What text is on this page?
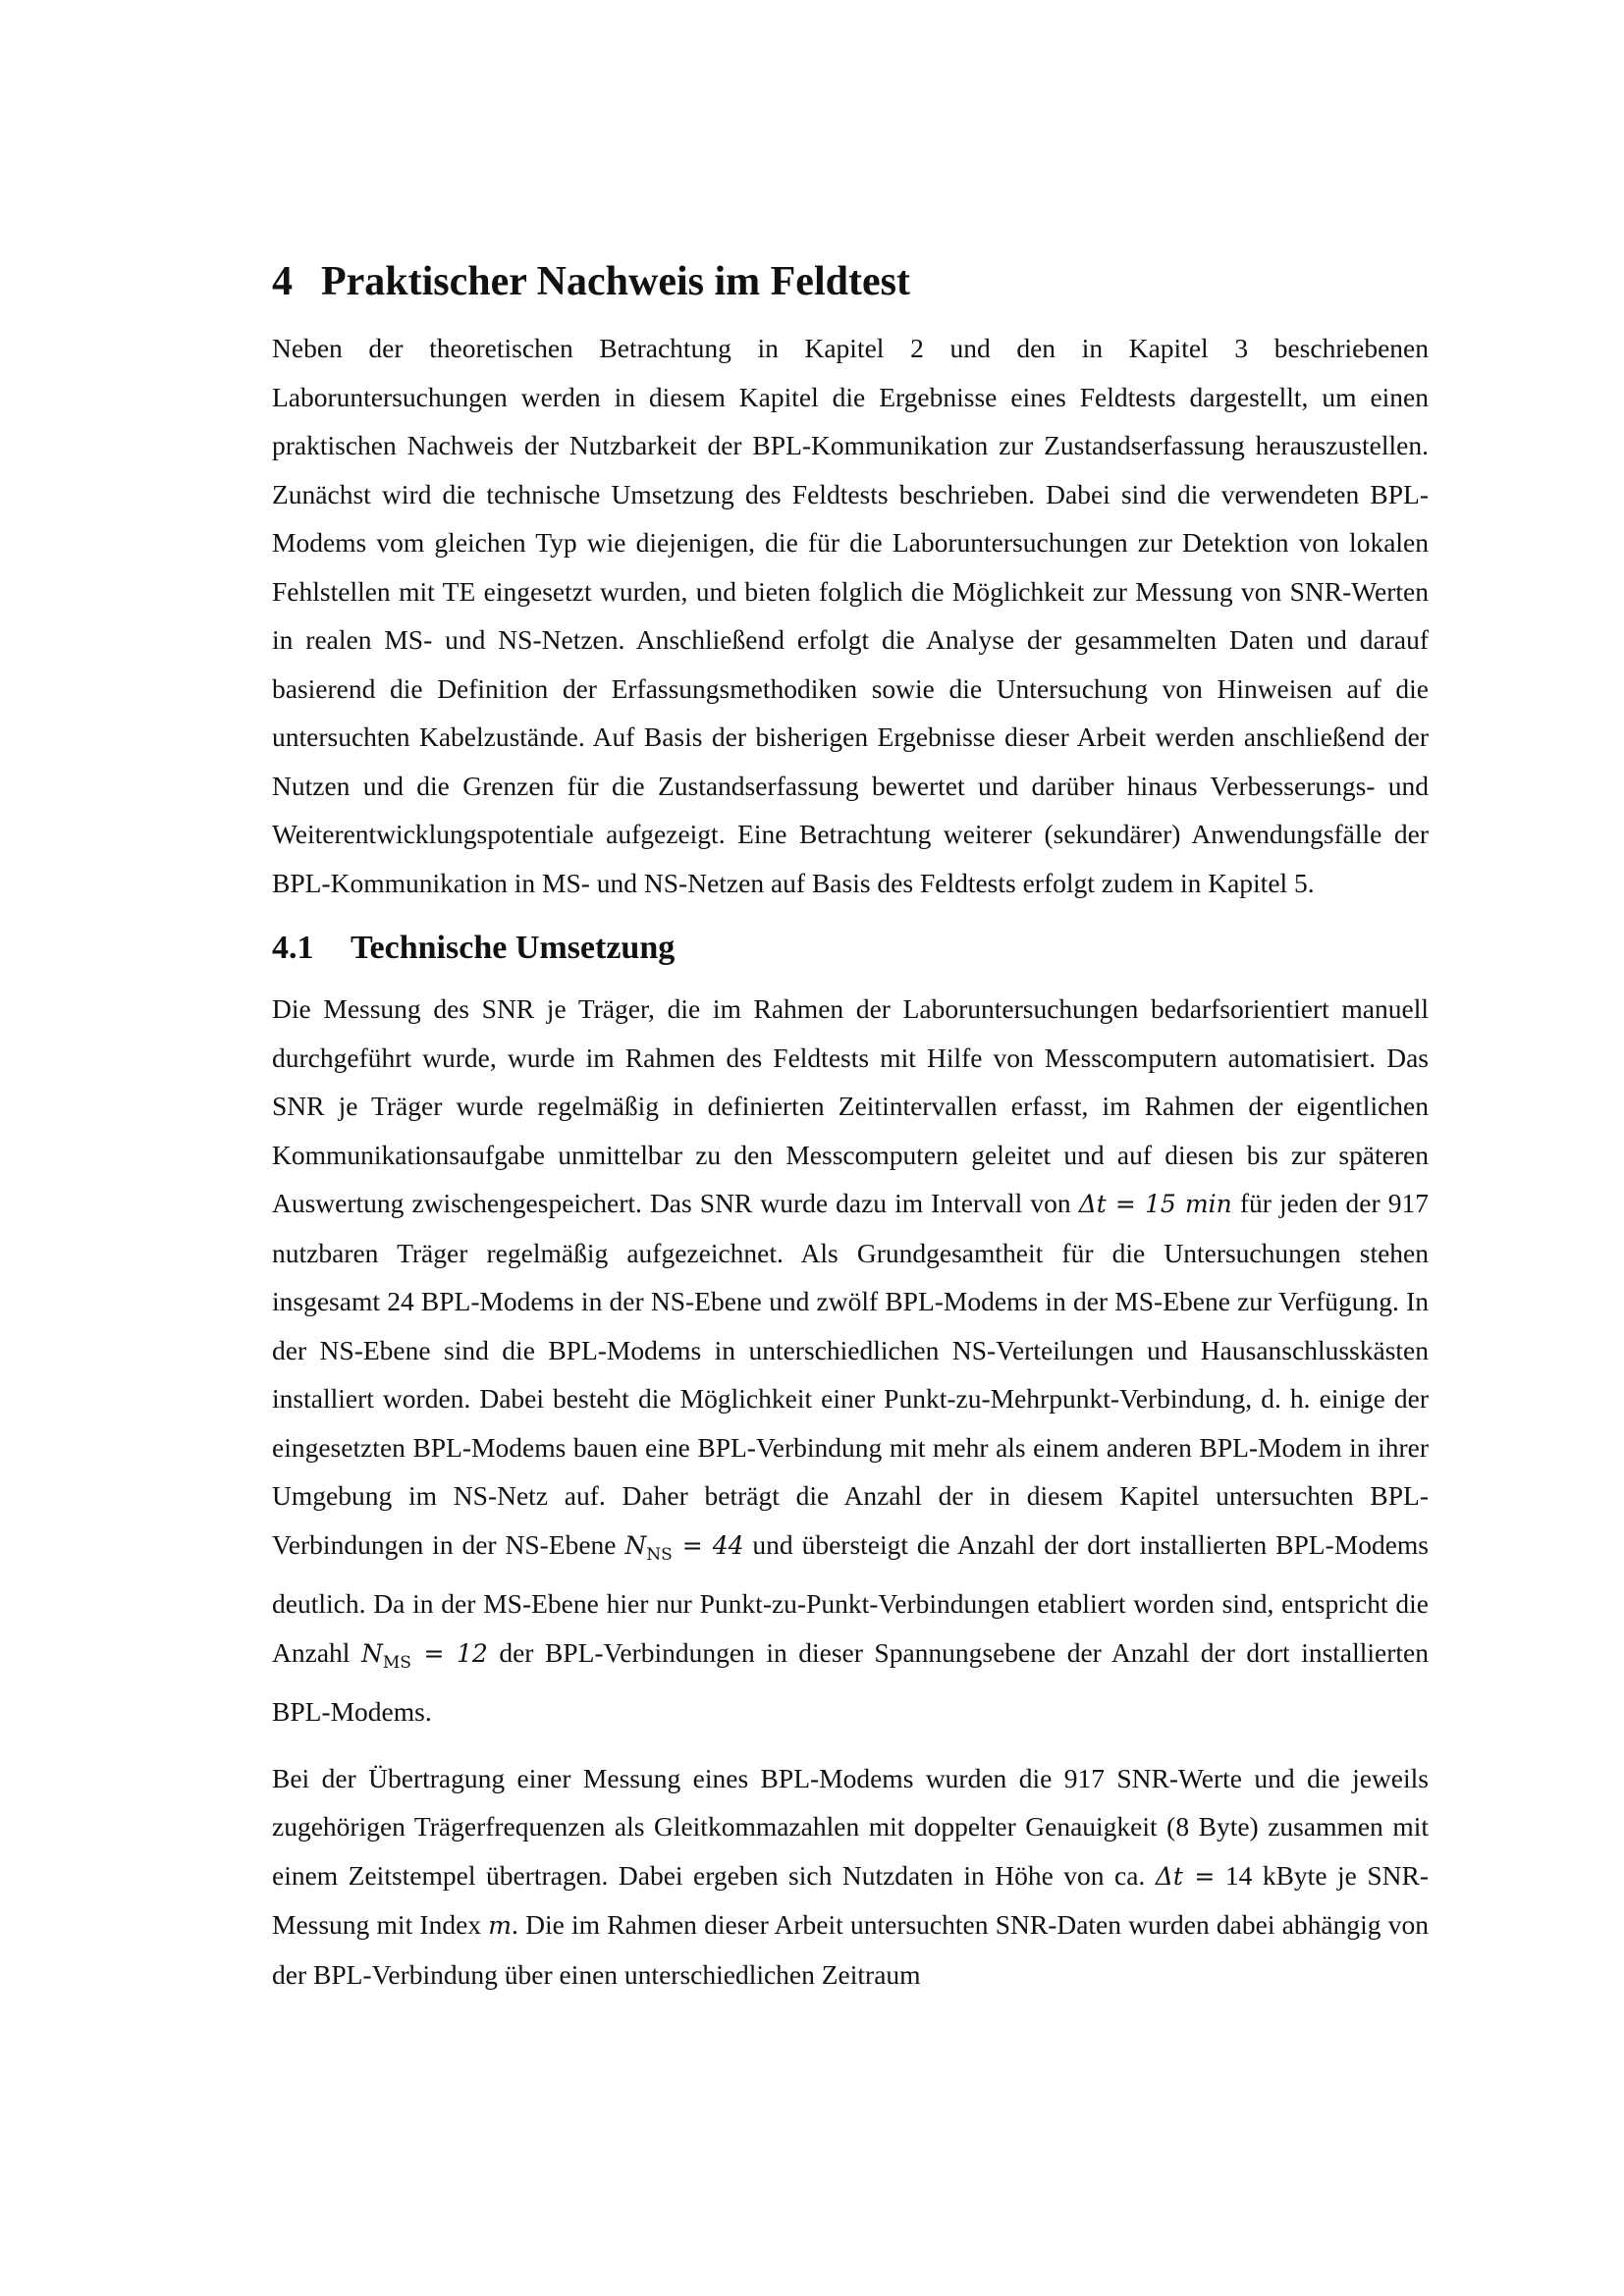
4 Praktischer Nachweis im Feldtest

Neben der theoretischen Betrachtung in Kapitel 2 und den in Kapitel 3 beschriebenen Laboruntersuchungen werden in diesem Kapitel die Ergebnisse eines Feldtests dargestellt, um einen praktischen Nachweis der Nutzbarkeit der BPL-Kommunikation zur Zustandserfassung herauszustellen. Zunächst wird die technische Umsetzung des Feldtests beschrieben. Dabei sind die verwendeten BPL-Modems vom gleichen Typ wie diejenigen, die für die Laboruntersuchungen zur Detektion von lokalen Fehlstellen mit TE eingesetzt wurden, und bieten folglich die Möglichkeit zur Messung von SNR-Werten in realen MS- und NS-Netzen. Anschließend erfolgt die Analyse der gesammelten Daten und darauf basierend die Definition der Erfassungsmethodiken sowie die Untersuchung von Hinweisen auf die untersuchten Kabelzustände. Auf Basis der bisherigen Ergebnisse dieser Arbeit werden anschließend der Nutzen und die Grenzen für die Zustandserfassung bewertet und darüber hinaus Verbesserungs- und Weiterentwicklungspotentiale aufgezeigt. Eine Betrachtung weiterer (sekundärer) Anwendungsfälle der BPL-Kommunikation in MS- und NS-Netzen auf Basis des Feldtests erfolgt zudem in Kapitel 5.

4.1 Technische Umsetzung

Die Messung des SNR je Träger, die im Rahmen der Laboruntersuchungen bedarfsorientiert manuell durchgeführt wurde, wurde im Rahmen des Feldtests mit Hilfe von Messcomputern automatisiert. Das SNR je Träger wurde regelmäßig in definierten Zeitintervallen erfasst, im Rahmen der eigentlichen Kommunikationsaufgabe unmittelbar zu den Messcomputern geleitet und auf diesen bis zur späteren Auswertung zwischengespeichert. Das SNR wurde dazu im Intervall von Δt = 15 min für jeden der 917 nutzbaren Träger regelmäßig aufgezeichnet. Als Grundgesamtheit für die Untersuchungen stehen insgesamt 24 BPL-Modems in der NS-Ebene und zwölf BPL-Modems in der MS-Ebene zur Verfügung. In der NS-Ebene sind die BPL-Modems in unterschiedlichen NS-Verteilungen und Hausanschlusskästen installiert worden. Dabei besteht die Möglichkeit einer Punkt-zu-Mehrpunkt-Verbindung, d. h. einige der eingesetzten BPL-Modems bauen eine BPL-Verbindung mit mehr als einem anderen BPL-Modem in ihrer Umgebung im NS-Netz auf. Daher beträgt die Anzahl der in diesem Kapitel untersuchten BPL-Verbindungen in der NS-Ebene $N_{NS} = 44$ und übersteigt die Anzahl der dort installierten BPL-Modems deutlich. Da in der MS-Ebene hier nur Punkt-zu-Punkt-Verbindungen etabliert worden sind, entspricht die Anzahl $N_{MS} = 12$ der BPL-Verbindungen in dieser Spannungsebene der Anzahl der dort installierten BPL-Modems.

Bei der Übertragung einer Messung eines BPL-Modems wurden die 917 SNR-Werte und die jeweils zugehörigen Trägerfrequenzen als Gleitkommazahlen mit doppelter Genauigkeit (8 Byte) zusammen mit einem Zeitstempel übertragen. Dabei ergeben sich Nutzdaten in Höhe von ca. Δt = 14 kByte je SNR-Messung mit Index m. Die im Rahmen dieser Arbeit untersuchten SNR-Daten wurden dabei abhängig von der BPL-Verbindung über einen unterschiedlichen Zeitraum
